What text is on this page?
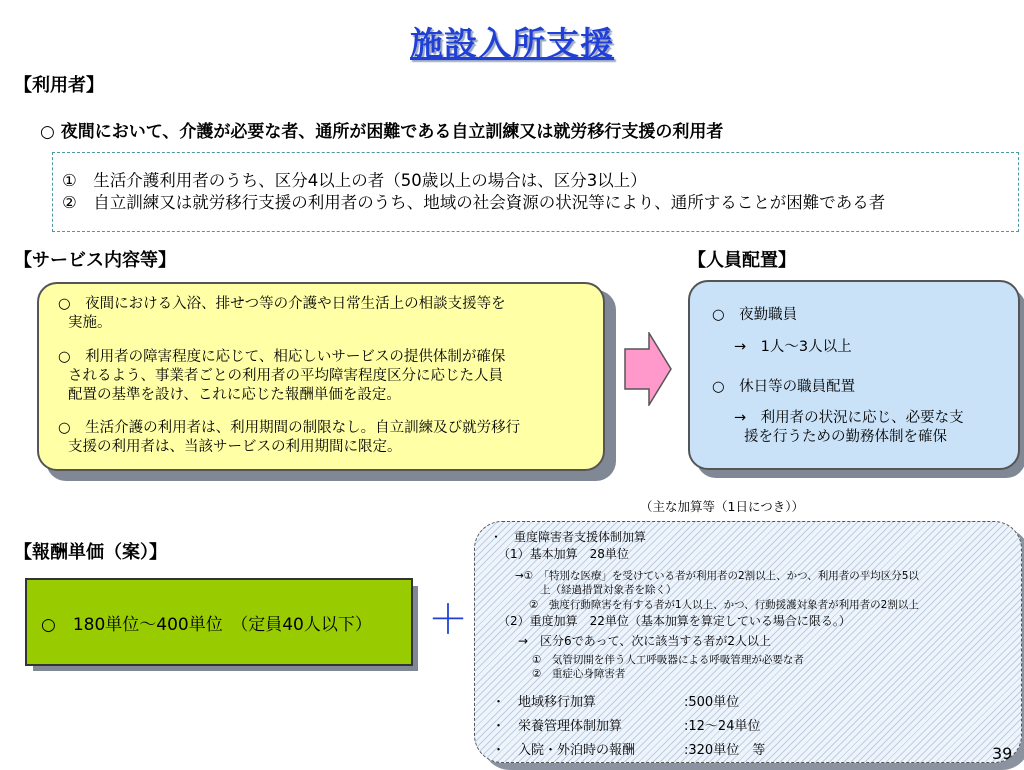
施設入所支援
【利用者】
○ 夜間において、介護が必要な者、通所が困難である自立訓練又は就労移行支援の利用者
①　生活介護利用者のうち、区分4以上の者（50歳以上の場合は、区分3以上）
②　自立訓練又は就労移行支援の利用者のうち、地域の社会資源の状況等により、通所することが困難である者
【サービス内容等】
○　夜間における入浴、排せつ等の介護や日常生活上の相談支援等を
実施。
○　利用者の障害程度に応じて、相応しいサービスの提供体制が確保
されるよう、事業者ごとの利用者の平均障害程度区分に応じた人員
配置の基準を設け、これに応じた報酬単価を設定。
○　生活介護の利用者は、利用期間の制限なし。自立訓練及び就労移行
支援の利用者は、当該サービスの利用期間に限定。
【人員配置】
○　夜勤職員
→　1人～3人以上
○　休日等の職員配置
→　利用者の状況に応じ、必要な支
援を行うための勤務体制を確保
【報酬単価（案）】
○　180単位～400単位　（定員40人以下）	＋
（主な加算等（1日につき））
・　重度障害者支援体制加算
（1）基本加算　28単位
→①　「特別な医療」を受けている者が利用者の2割以上、かつ、利用者の平均区分5以
上（経過措置対象者を除く）
②　強度行動障害を有する者が1人以上、かつ、行動援護対象者が利用者の2割以上
（2）重度加算　22単位（基本加算を算定している場合に限る。）
→　区分6であって、次に該当する者が2人以上
①　気管切開を伴う人工呼吸器による呼吸管理が必要な者
②　重症心身障害者
・　地域移行加算	:500単位
・　栄養管理体制加算	:12～24単位
・　入院・外泊時の報酬	:320単位　等	39
